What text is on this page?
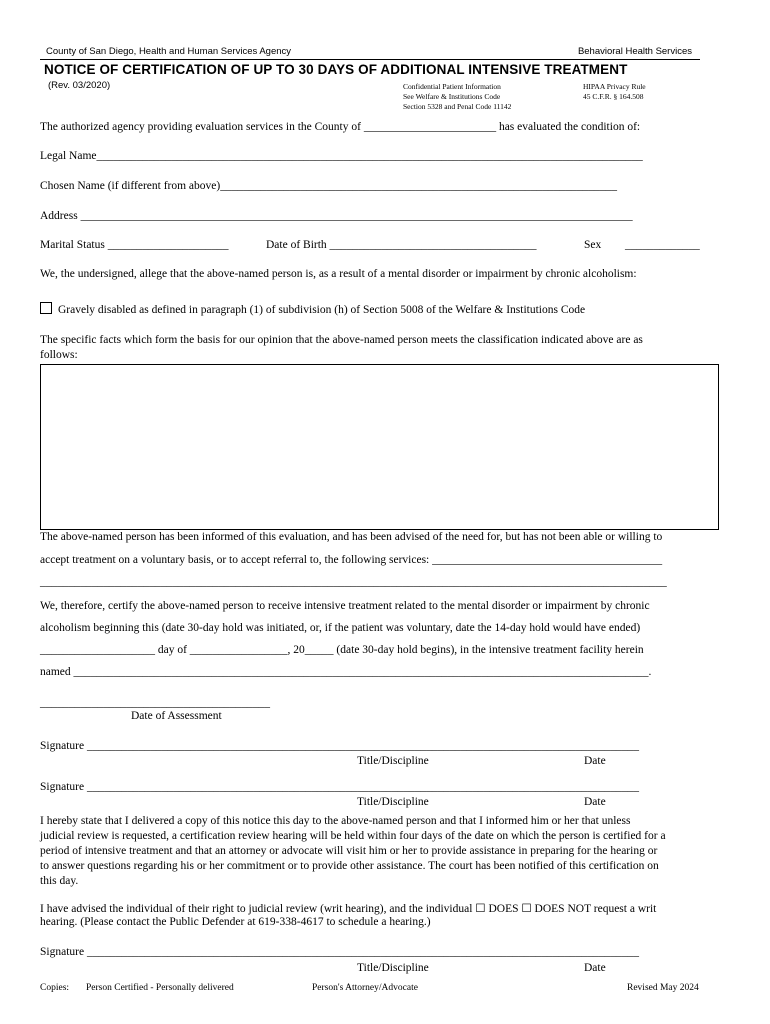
County of San Diego, Health and Human Services Agency	Behavioral Health Services
NOTICE OF CERTIFICATION OF UP TO 30 DAYS OF ADDITIONAL INTENSIVE TREATMENT
(Rev. 03/2020)	Confidential Patient Information
See Welfare & Institutions Code
Section 5328 and Penal Code 11142
HIPAA Privacy Rule
45 C.F.R. § 164.508
The authorized agency providing evaluation services in the County of _______________________ has evaluated the condition of:
Legal Name_______________________________________________________________________________________________
Chosen Name (if different from above)_____________________________________________________________________
Address ________________________________________________________________________________________________
Marital Status _____________________	Date of Birth ____________________________________	Sex _____________
We, the undersigned, allege that the above-named person is, as a result of a mental disorder or impairment by chronic alcoholism:
Gravely disabled as defined in paragraph (1) of subdivision (h) of Section 5008 of the Welfare & Institutions Code
The specific facts which form the basis for our opinion that the above-named person meets the classification indicated above are as
follows:
The above-named person has been informed of this evaluation, and has been advised of the need for, but has not been able or willing to
accept treatment on a voluntary basis, or to accept referral to, the following services: ________________________________________
_____________________________________________________________________________________________________________
We, therefore, certify the above-named person to receive intensive treatment related to the mental disorder or impairment by chronic
alcoholism beginning this (date 30-day hold was initiated, or, if the patient was voluntary, date the 14-day hold would have ended)
____________________ day of _________________, 20_____ (date 30-day hold begins), in the intensive treatment facility herein
named ____________________________________________________________________________________________________.
________________________________________
Date of Assessment
Signature ________________________________________________________________________________________________
Title/Discipline	Date
Signature ________________________________________________________________________________________________
Title/Discipline	Date
I hereby state that I delivered a copy of this notice this day to the above-named person and that I informed him or her that unless
judicial review is requested, a certification review hearing will be held within four days of the date on which the person is certified for a
period of intensive treatment and that an attorney or advocate will visit him or her to provide assistance in preparing for the hearing or
to answer questions regarding his or her commitment or to provide other assistance. The court has been notified of this certification on
this day.
I have advised the individual of their right to judicial review (writ hearing), and the individual ☐ DOES ☐ DOES NOT request a writ
hearing. (Please contact the Public Defender at 619-338-4617 to schedule a hearing.)
Signature ________________________________________________________________________________________________
Title/Discipline	Date
Copies: Person Certified - Personally delivered	Person's Attorney/Advocate	Revised May 2024
